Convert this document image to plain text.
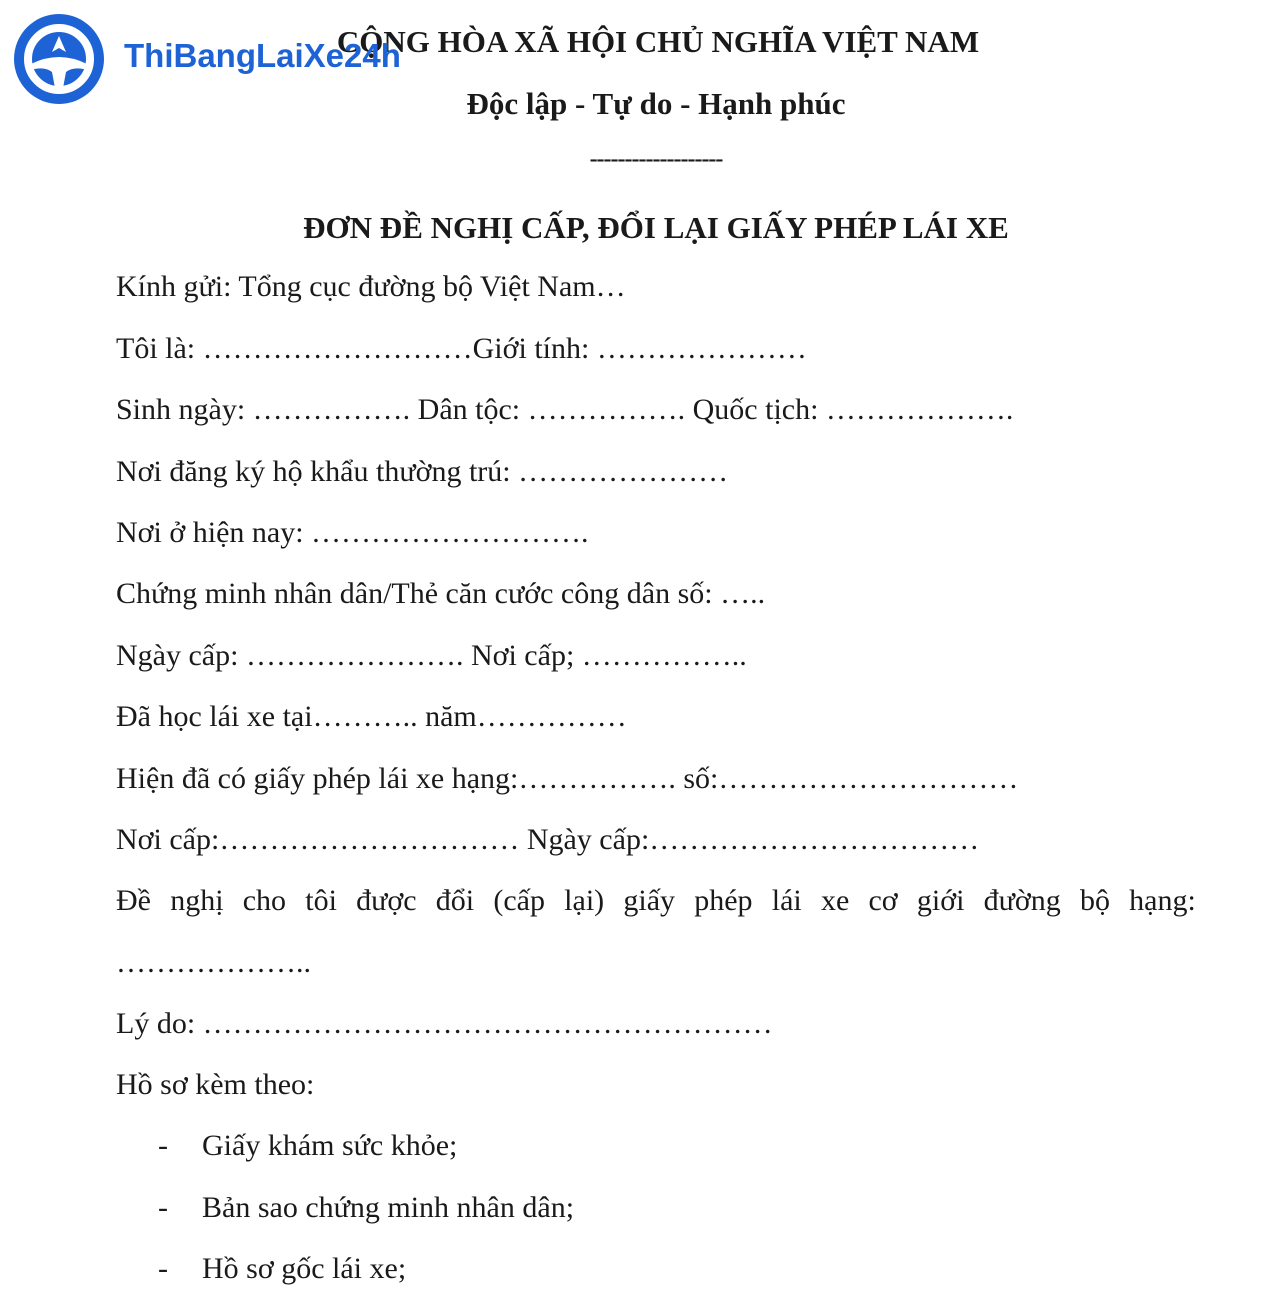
ThiBangLaiXe24h
CỘNG HÒA XÃ HỘI CHỦ NGHĨA VIỆT NAM
Độc lập - Tự do - Hạnh phúc
-------------------
ĐƠN ĐỀ NGHỊ CẤP, ĐỔI LẠI GIẤY PHÉP LÁI XE
Kính gửi: Tổng cục đường bộ Việt Nam…
Tôi là: ………………………Giới tính: …………………
Sinh ngày: ……………. Dân tộc: ……………. Quốc tịch: ……………….
Nơi đăng ký hộ khẩu thường trú: …………………
Nơi ở hiện nay: ……………………….
Chứng minh nhân dân/Thẻ căn cước công dân số: …..
Ngày cấp: …………………. Nơi cấp; ……………..
Đã học lái xe tại……….. năm……………
Hiện đã có giấy phép lái xe hạng:……………. số:…………………………
Nơi cấp:………………………… Ngày cấp:……………………………
Đề nghị cho tôi được đổi (cấp lại) giấy phép lái xe cơ giới đường bộ hạng:
………………..
Lý do: …………………………………………………
Hồ sơ kèm theo:
- Giấy khám sức khỏe;
- Bản sao chứng minh nhân dân;
- Hồ sơ gốc lái xe;
